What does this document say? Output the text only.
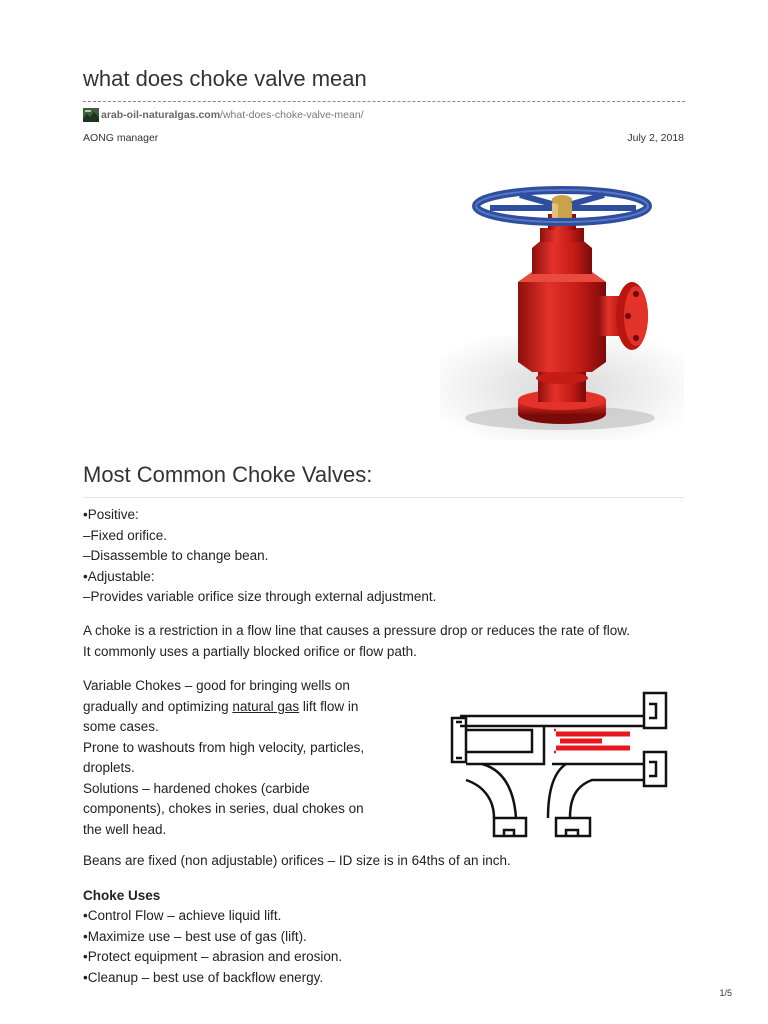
what does choke valve mean
arab-oil-naturalgas.com/what-does-choke-valve-mean/
AONG manager	July 2, 2018
Most Common Choke Valves:

•Positive:

–Fixed orifice.

–Disassemble to change bean.

•Adjustable:

–Provides variable orifice size through external adjustment.

A choke is a restriction in a flow line that causes a pressure drop or reduces the rate of flow.

It commonly uses a partially blocked orifice or flow path.

Variable Chokes – good for bringing wells on

gradually and optimizing natural gas lift flow in

some cases.

Prone to washouts from high velocity, particles,

droplets.

Solutions – hardened chokes (carbide

components), chokes in series, dual chokes on

the well head.

Beans are fixed (non adjustable) orifices – ID size is in 64ths of an inch.

Choke Uses

•Control Flow – achieve liquid lift.

•Maximize use – best use of gas (lift).

•Protect equipment – abrasion and erosion.

•Cleanup – best use of backflow energy.

1/5
